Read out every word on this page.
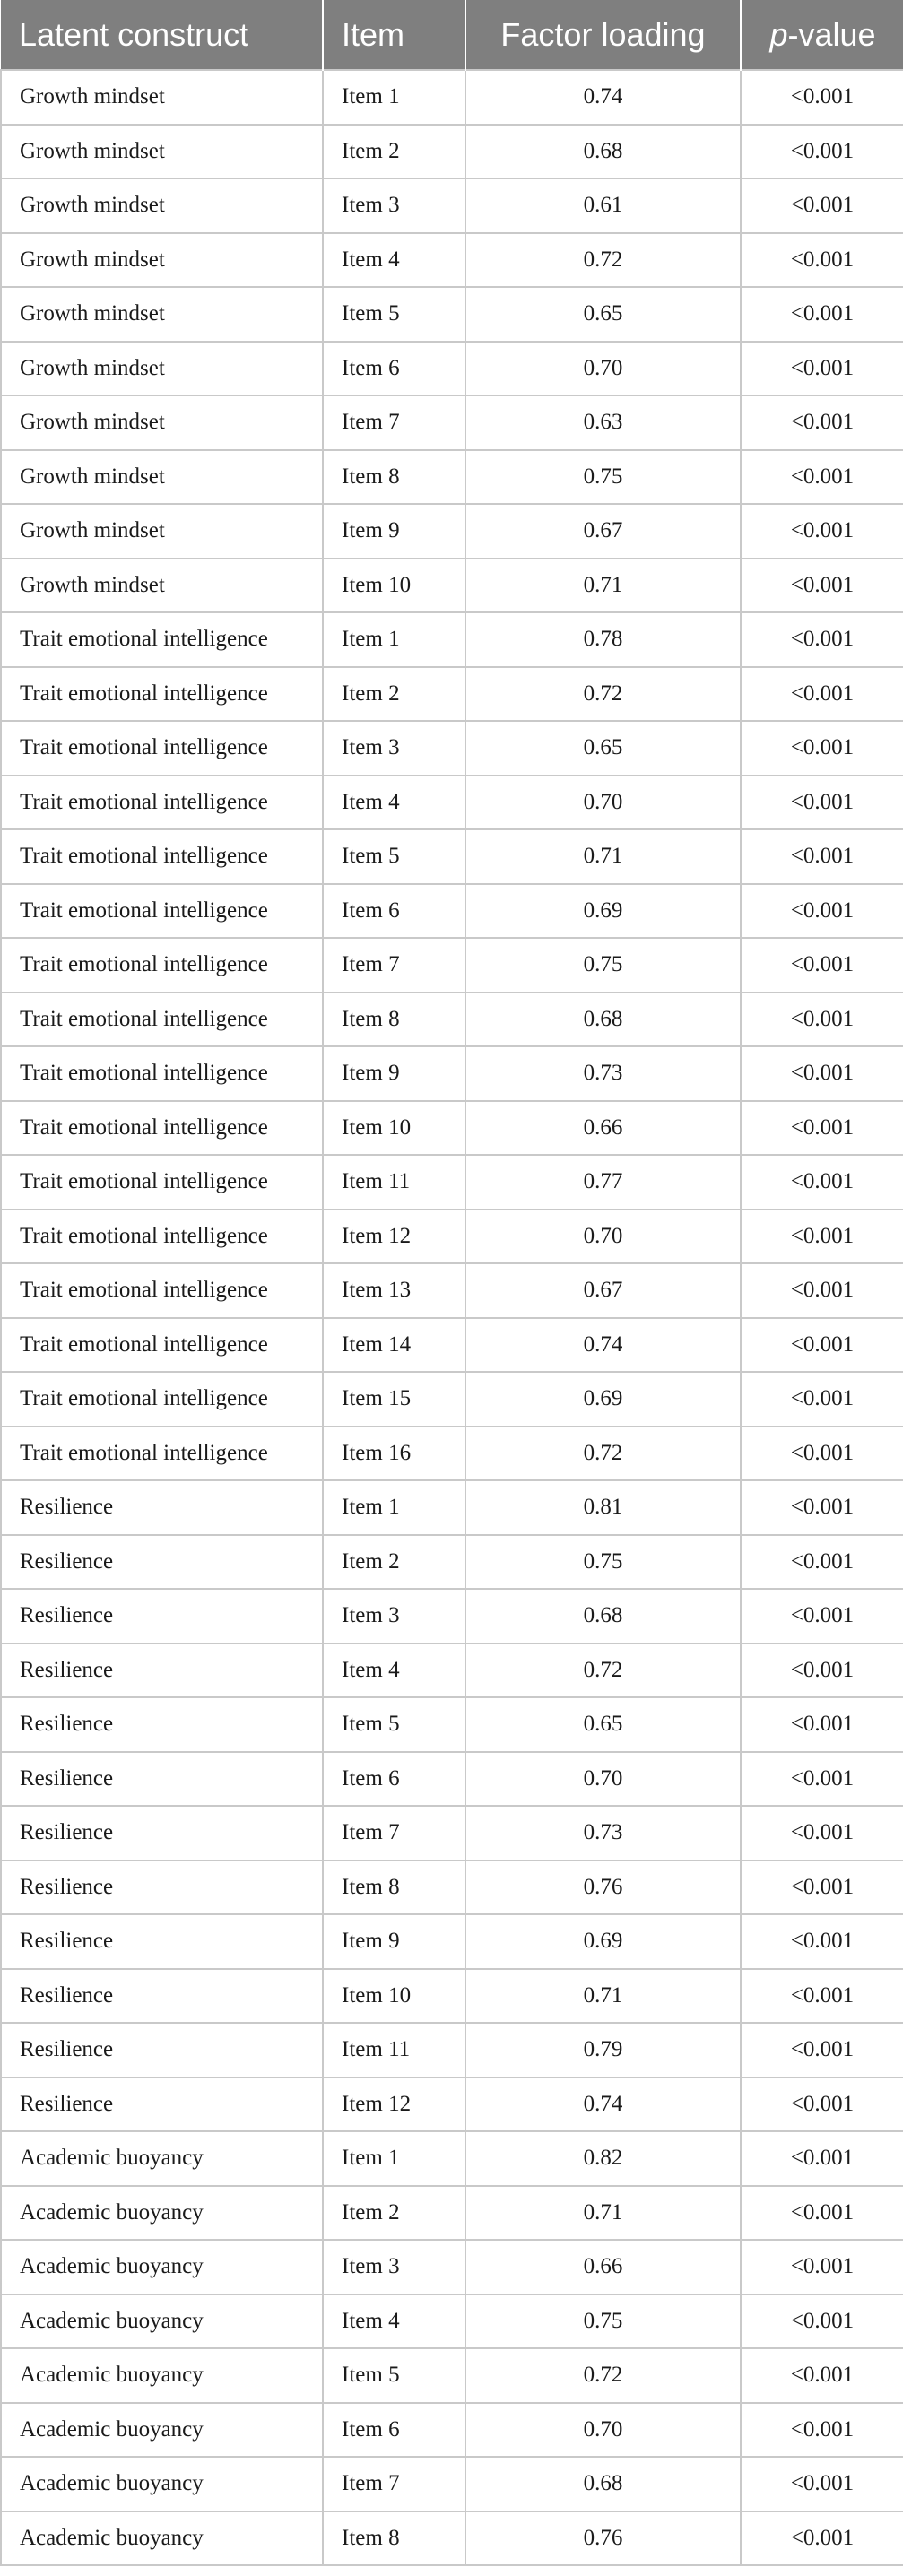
Latent construct	Item	Factor loading	p-value
Growth mindset	Item 1	0.74	<0.001
Growth mindset	Item 2	0.68	<0.001
Growth mindset	Item 3	0.61	<0.001
Growth mindset	Item 4	0.72	<0.001
Growth mindset	Item 5	0.65	<0.001
Growth mindset	Item 6	0.70	<0.001
Growth mindset	Item 7	0.63	<0.001
Growth mindset	Item 8	0.75	<0.001
Growth mindset	Item 9	0.67	<0.001
Growth mindset	Item 10	0.71	<0.001
Trait emotional intelligence	Item 1	0.78	<0.001
Trait emotional intelligence	Item 2	0.72	<0.001
Trait emotional intelligence	Item 3	0.65	<0.001
Trait emotional intelligence	Item 4	0.70	<0.001
Trait emotional intelligence	Item 5	0.71	<0.001
Trait emotional intelligence	Item 6	0.69	<0.001
Trait emotional intelligence	Item 7	0.75	<0.001
Trait emotional intelligence	Item 8	0.68	<0.001
Trait emotional intelligence	Item 9	0.73	<0.001
Trait emotional intelligence	Item 10	0.66	<0.001
Trait emotional intelligence	Item 11	0.77	<0.001
Trait emotional intelligence	Item 12	0.70	<0.001
Trait emotional intelligence	Item 13	0.67	<0.001
Trait emotional intelligence	Item 14	0.74	<0.001
Trait emotional intelligence	Item 15	0.69	<0.001
Trait emotional intelligence	Item 16	0.72	<0.001
Resilience	Item 1	0.81	<0.001
Resilience	Item 2	0.75	<0.001
Resilience	Item 3	0.68	<0.001
Resilience	Item 4	0.72	<0.001
Resilience	Item 5	0.65	<0.001
Resilience	Item 6	0.70	<0.001
Resilience	Item 7	0.73	<0.001
Resilience	Item 8	0.76	<0.001
Resilience	Item 9	0.69	<0.001
Resilience	Item 10	0.71	<0.001
Resilience	Item 11	0.79	<0.001
Resilience	Item 12	0.74	<0.001
Academic buoyancy	Item 1	0.82	<0.001
Academic buoyancy	Item 2	0.71	<0.001
Academic buoyancy	Item 3	0.66	<0.001
Academic buoyancy	Item 4	0.75	<0.001
Academic buoyancy	Item 5	0.72	<0.001
Academic buoyancy	Item 6	0.70	<0.001
Academic buoyancy	Item 7	0.68	<0.001
Academic buoyancy	Item 8	0.76	<0.001
